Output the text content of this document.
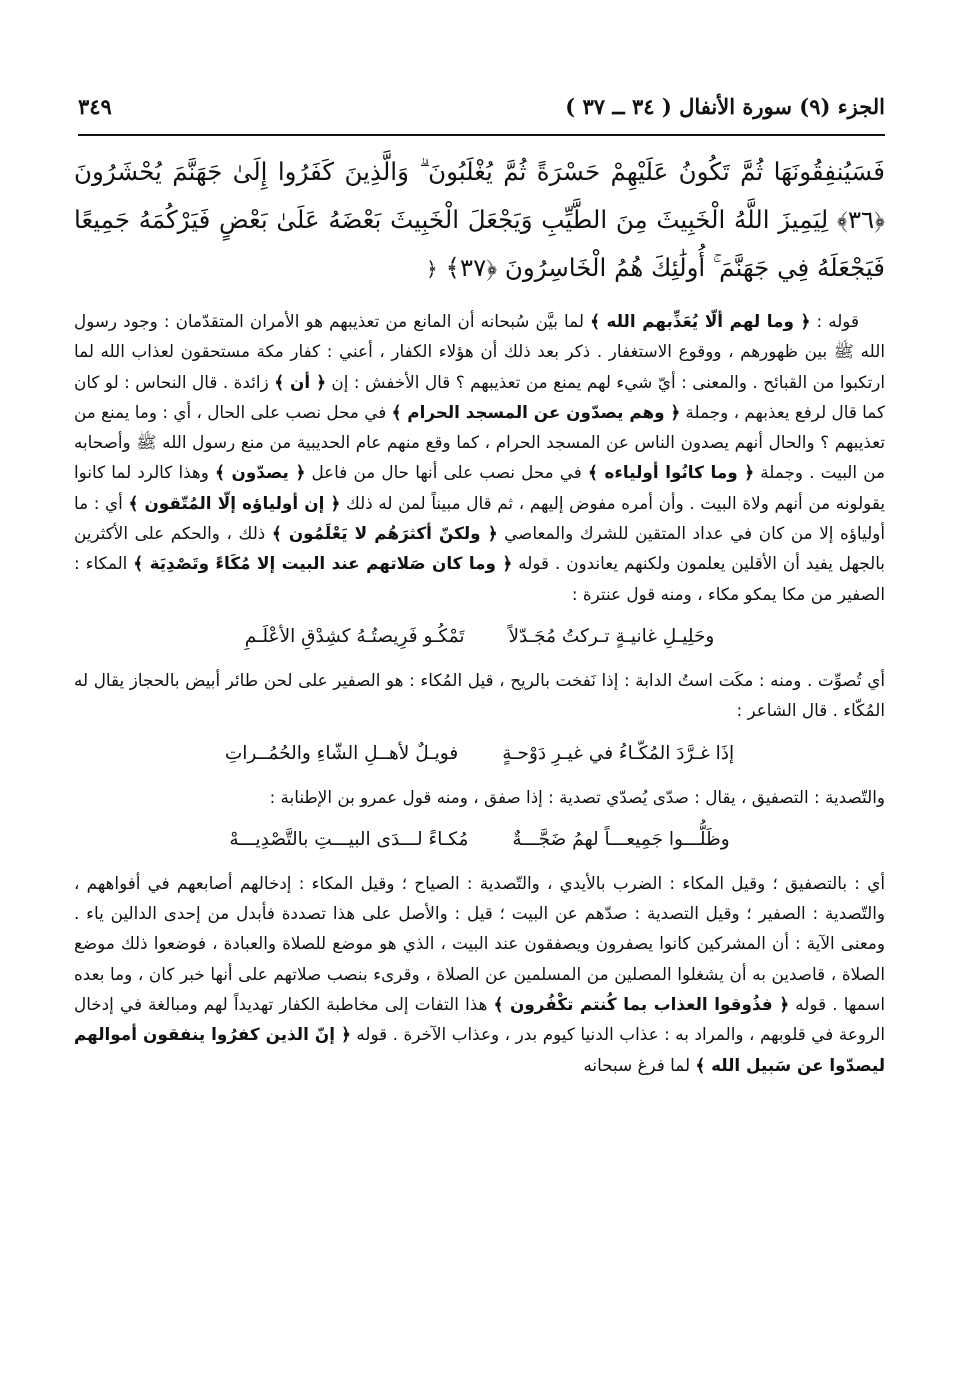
الجزء (٩) سورة الأنفال ( ٣٤ ــ ٣٧ )
٣٤٩
فَسَيُنفِقُونَهَا ثُمَّ تَكُونُ عَلَيْهِمْ حَسْرَةً ثُمَّ يُغْلَبُونَ ۗ وَالَّذِينَ كَفَرُوا إِلَىٰ جَهَنَّمَ يُحْشَرُونَ ﴿٣٦﴾ لِيَمِيزَ اللَّهُ الْخَبِيثَ مِنَ الطَّيِّبِ وَيَجْعَلَ الْخَبِيثَ بَعْضَهُ عَلَىٰ بَعْضٍ فَيَرْكُمَهُ جَمِيعًا فَيَجْعَلَهُ فِي جَهَنَّمَ ۚ أُولَٰئِكَ هُمُ الْخَاسِرُونَ ﴿٣٧﴾ ﴿

قوله : ﴿ وما لهم ألّا يُعَذِّبهم الله ﴾ لما بيَّن سُبحانه أن المانع من تعذيبهم هو الأمران المتقدّمان : وجود رسول الله ﷺ بين ظهورهم ، ووقوع الاستغفار . ذكر بعد ذلك أن هؤلاء الكفار ، أعني : كفار مكة مستحقون لعذاب الله لما ارتكبوا من القبائح . والمعنى : أيّ شيء لهم يمنع من تعذيبهم ؟ قال الأخفش : إن ﴿ أن ﴾ زائدة . قال النحاس : لو كان كما قال لرفع يعذبهم ، وجملة ﴿ وهم يصدّون عن المسجد الحرام ﴾ في محل نصب على الحال ، أي : وما يمنع من تعذيبهم ؟ والحال أنهم يصدون الناس عن المسجد الحرام ، كما وقع منهم عام الحديبية من منع رسول الله ﷺ وأصحابه من البيت . وجملة ﴿ وما كانُوا أولياءه ﴾ في محل نصب على أنها حال من فاعل ﴿ يصدّون ﴾ وهذا كالرد لما كانوا يقولونه من أنهم ولاة البيت . وأن أمره مفوض إليهم ، ثم قال مبيناً لمن له ذلك ﴿ إن أولياؤه إلّا المُتّقون ﴾ أي : ما أولياؤه إلا من كان في عداد المتقين للشرك والمعاصي ﴿ ولكنّ أكثرَهُم لا يَعْلَمُون ﴾ ذلك ، والحكم على الأكثرين بالجهل يفيد أن الأقلين يعلمون ولكنهم يعاندون . قوله ﴿ وما كان صَلاتهم عند البيت إلا مُكَاءً وتَصْدِيَة ﴾ المكاء : الصفير من مكا يمكو مكاء ، ومنه قول عنترة :

وحَلِيـلِ غانيـةٍ تـركتُ مُجَـدّلاً
تَمْكُـو فَرِيصتُـهُ كشِدْقِ الأعْلَـمِ

أي تُصوِّت . ومنه : مكَت استُ الدابة : إذا نَفخت بالريح ، قيل المُكاء : هو الصفير على لحن طائر أبيض بالحجاز يقال له المُكّاء . قال الشاعر :

إذَا غـرَّدَ المُكّـاءُ في غيـرِ دَوْحـةٍ
فويـلٌ لأهــلِ الشّاءِ والحُمُــراتِ

والتّصدية : التصفيق ، يقال : صدّى يُصدّي تصدية : إذا صفق ، ومنه قول عمرو بن الإطنابة :

وظَلُّـــوا جَمِيعـــاً لهمُ ضَجَّـــةٌ
مُكـاءً لـــدَى البيـــتِ بالتَّصْدِيـــهْ

أي : بالتصفيق ؛ وقيل المكاء : الضرب بالأيدي ، والتّصدية : الصياح ؛ وقيل المكاء : إدخالهم أصابعهم في أفواههم ، والتّصدية : الصفير ؛ وقيل التصدية : صدّهم عن البيت ؛ قيل : والأصل على هذا تصددة فأبدل من إحدى الدالين ياء . ومعنى الآية : أن المشركين كانوا يصفرون ويصفقون عند البيت ، الذي هو موضع للصلاة والعبادة ، فوضعوا ذلك موضع الصلاة ، قاصدين به أن يشغلوا المصلين من المسلمين عن الصلاة ، وقرىء بنصب صلاتهم على أنها خبر كان ، وما بعده اسمها . قوله ﴿ فذُوقوا العذاب بما كُنتم تكْفُرون ﴾ هذا التفات إلى مخاطبة الكفار تهديداً لهم ومبالغة في إدخال الروعة في قلوبهم ، والمراد به : عذاب الدنيا كيوم بدر ، وعذاب الآخرة . قوله ﴿ إنّ الذين كفرُوا ينفقون أموالهم ليصدّوا عن سَبيل الله ﴾ لما فرغ سبحانه
